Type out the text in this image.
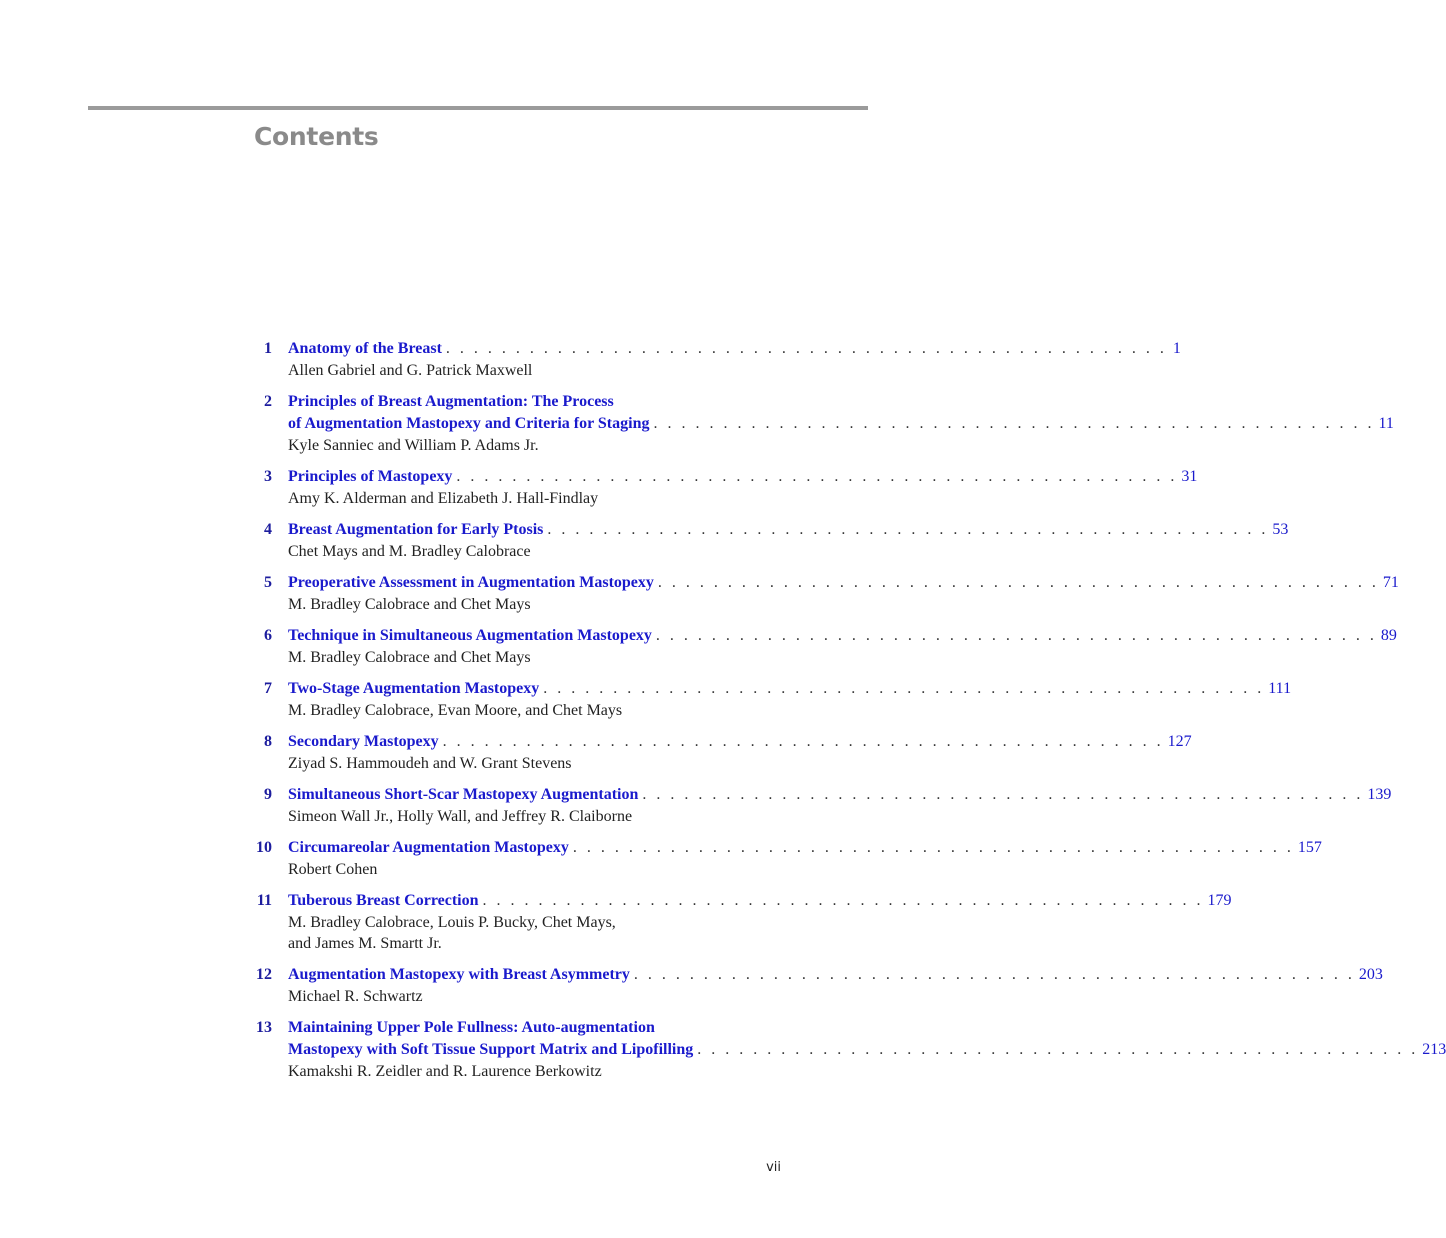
Contents
1 Anatomy of the Breast . . . . . . . . . . . . . . . . . . . . . . . . . . . . . . . . . . . . . . . . . . . . . . . . . . . . 1
Allen Gabriel and G. Patrick Maxwell
2 Principles of Breast Augmentation: The Process
of Augmentation Mastopexy and Criteria for Staging . . . . . . . . . . . . . . . . . . . . . . . . . . . . . . . . . . . . . . . . . . . . . . . . . . . . 11
Kyle Sanniec and William P. Adams Jr.
3 Principles of Mastopexy . . . . . . . . . . . . . . . . . . . . . . . . . . . . . . . . . . . . . . . . . . . . . . . . . . . . 31
Amy K. Alderman and Elizabeth J. Hall-Findlay
4 Breast Augmentation for Early Ptosis . . . . . . . . . . . . . . . . . . . . . . . . . . . . . . . . . . . . . . . . . . . . . . . . . . . . 53
Chet Mays and M. Bradley Calobrace
5 Preoperative Assessment in Augmentation Mastopexy . . . . . . . . . . . . . . . . . . . . . . . . . . . . . . . . . . . . . . . . . . . . . . . . . . . . 71
M. Bradley Calobrace and Chet Mays
6 Technique in Simultaneous Augmentation Mastopexy . . . . . . . . . . . . . . . . . . . . . . . . . . . . . . . . . . . . . . . . . . . . . . . . . . . . 89
M. Bradley Calobrace and Chet Mays
7 Two-Stage Augmentation Mastopexy . . . . . . . . . . . . . . . . . . . . . . . . . . . . . . . . . . . . . . . . . . . . . . . . . . . . 111
M. Bradley Calobrace, Evan Moore, and Chet Mays
8 Secondary Mastopexy . . . . . . . . . . . . . . . . . . . . . . . . . . . . . . . . . . . . . . . . . . . . . . . . . . . . 127
Ziyad S. Hammoudeh and W. Grant Stevens
9 Simultaneous Short-Scar Mastopexy Augmentation . . . . . . . . . . . . . . . . . . . . . . . . . . . . . . . . . . . . . . . . . . . . . . . . . . . . 139
Simeon Wall Jr., Holly Wall, and Jeffrey R. Claiborne
10 Circumareolar Augmentation Mastopexy . . . . . . . . . . . . . . . . . . . . . . . . . . . . . . . . . . . . . . . . . . . . . . . . . . . . 157
Robert Cohen
11 Tuberous Breast Correction . . . . . . . . . . . . . . . . . . . . . . . . . . . . . . . . . . . . . . . . . . . . . . . . . . . . 179
M. Bradley Calobrace, Louis P. Bucky, Chet Mays,
and James M. Smartt Jr.
12 Augmentation Mastopexy with Breast Asymmetry . . . . . . . . . . . . . . . . . . . . . . . . . . . . . . . . . . . . . . . . . . . . . . . . . . . . 203
Michael R. Schwartz
13 Maintaining Upper Pole Fullness: Auto-augmentation
Mastopexy with Soft Tissue Support Matrix and Lipofilling . . . . . . . . . . . . . . . . . . . . . . . . . . . . . . . . . . . . . . . . . . . . . . . . . . . . 213
Kamakshi R. Zeidler and R. Laurence Berkowitz
vii
